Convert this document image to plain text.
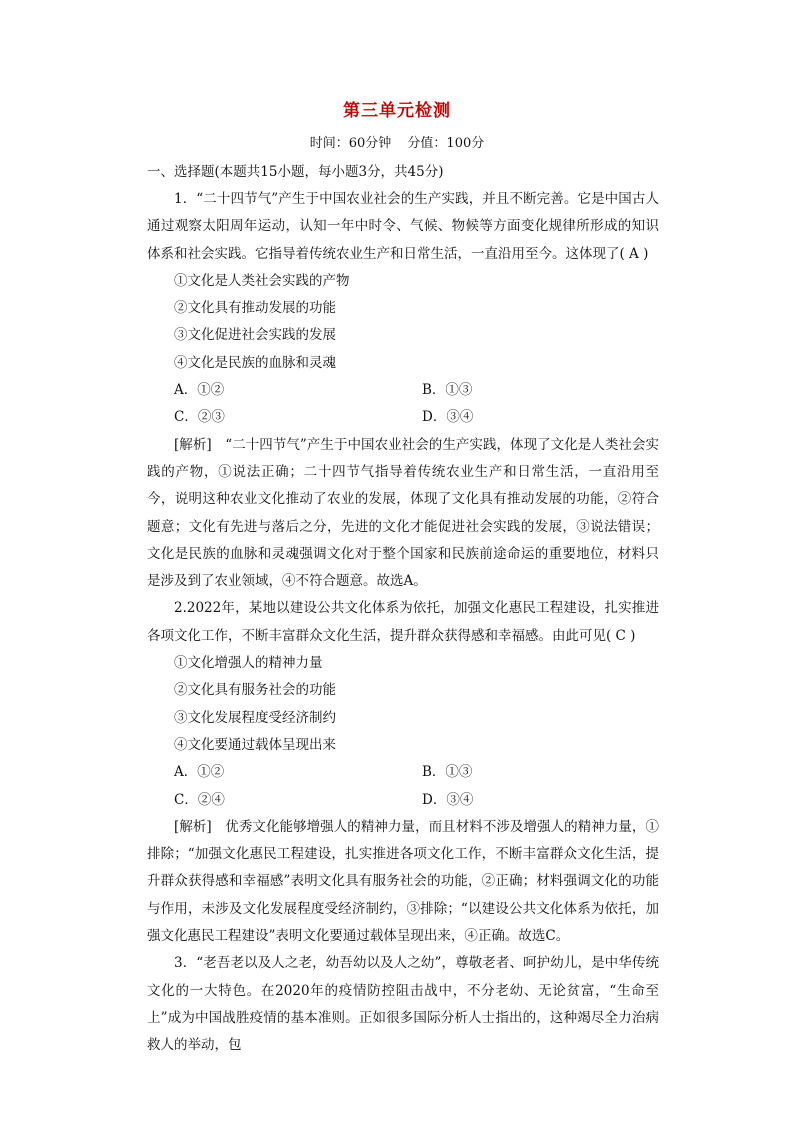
第三单元检测
时间：60分钟 分值：100分
一、选择题(本题共15小题，每小题3分，共45分)

1．“二十四节气”产生于中国农业社会的生产实践，并且不断完善。它是中国古人通过观察太阳周年运动，认知一年中时令、气候、物候等方面变化规律所形成的知识体系和社会实践。它指导着传统农业生产和日常生活，一直沿用至今。这体现了( A )

①文化是人类社会实践的产物
②文化具有推动发展的功能
③文化促进社会实践的发展
④文化是民族的血脉和灵魂
A．①②	B．①③
C．②③	D．③④

[解析]　“二十四节气”产生于中国农业社会的生产实践，体现了文化是人类社会实践的产物，①说法正确；二十四节气指导着传统农业生产和日常生活，一直沿用至今，说明这种农业文化推动了农业的发展，体现了文化具有推动发展的功能，②符合题意；文化有先进与落后之分，先进的文化才能促进社会实践的发展，③说法错误；文化是民族的血脉和灵魂强调文化对于整个国家和民族前途命运的重要地位，材料只是涉及到了农业领域，④不符合题意。故选A。

2.2022年，某地以建设公共文化体系为依托，加强文化惠民工程建设，扎实推进各项文化工作，不断丰富群众文化生活，提升群众获得感和幸福感。由此可见( C )

①文化增强人的精神力量
②文化具有服务社会的功能
③文化发展程度受经济制约
④文化要通过载体呈现出来
A．①②	B．①③
C．②④	D．③④

[解析]　优秀文化能够增强人的精神力量，而且材料不涉及增强人的精神力量，①排除；“加强文化惠民工程建设，扎实推进各项文化工作，不断丰富群众文化生活，提升群众获得感和幸福感”表明文化具有服务社会的功能，②正确；材料强调文化的功能与作用，未涉及文化发展程度受经济制约，③排除；“以建设公共文化体系为依托，加强文化惠民工程建设”表明文化要通过载体呈现出来，④正确。故选C。

3．“老吾老以及人之老，幼吾幼以及人之幼”，尊敬老者、呵护幼儿，是中华传统文化的一大特色。在2020年的疫情防控阻击战中，不分老幼、无论贫富，“生命至上”成为中国战胜疫情的基本准则。正如很多国际分析人士指出的，这种竭尽全力治病救人的举动，包
